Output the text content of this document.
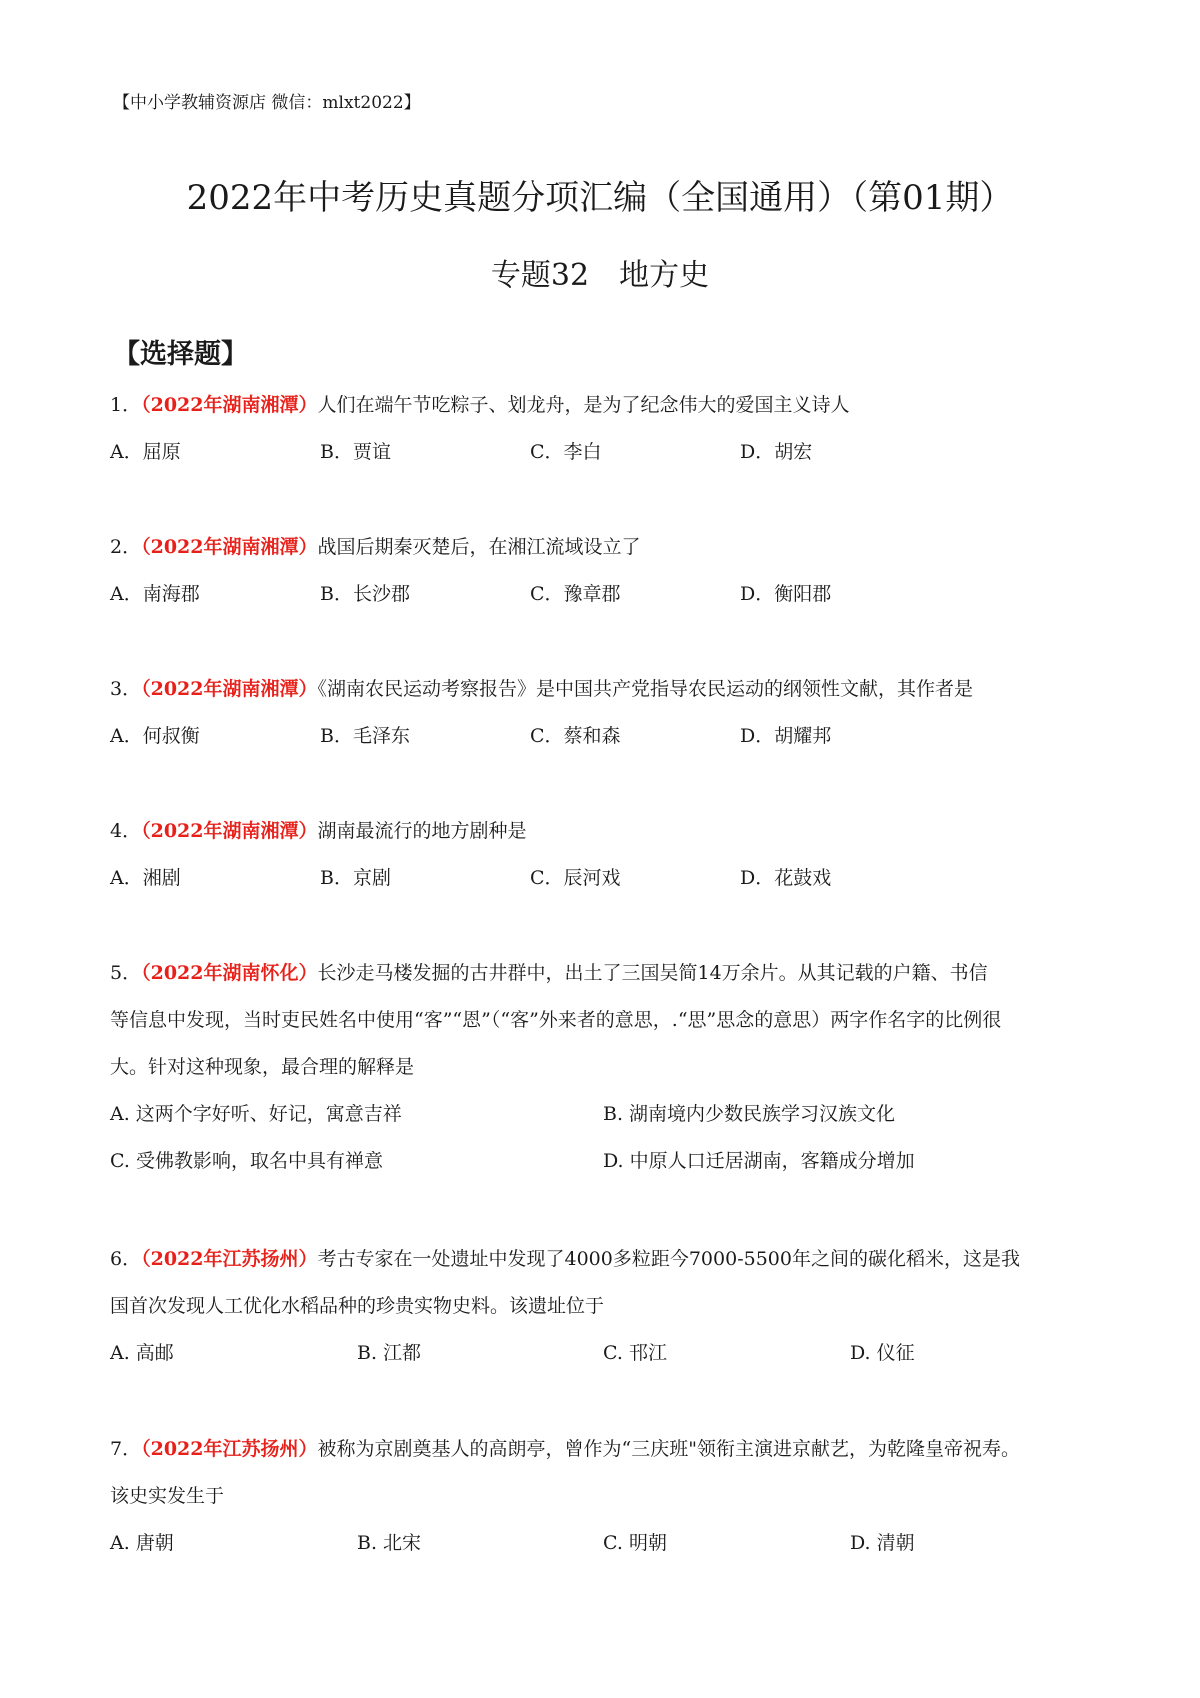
【中小学教辅资源店 微信：mlxt2022】
2022年中考历史真题分项汇编（全国通用）（第01期）
专题32　地方史
【选择题】
1．（2022年湖南湘潭）人们在端午节吃粽子、划龙舟，是为了纪念伟大的爱国主义诗人
A．屈原	B．贾谊	C．李白	D．胡宏
2．（2022年湖南湘潭）战国后期秦灭楚后，在湘江流域设立了
A．南海郡	B．长沙郡	C．豫章郡	D．衡阳郡
3．（2022年湖南湘潭）《湖南农民运动考察报告》是中国共产党指导农民运动的纲领性文献，其作者是
A．何叔衡	B．毛泽东	C．蔡和森	D．胡耀邦
4．（2022年湖南湘潭）湖南最流行的地方剧种是
A．湘剧	B．京剧	C．辰河戏	D．花鼓戏
5．（2022年湖南怀化）长沙走马楼发掘的古井群中，出土了三国吴简14万余片。从其记载的户籍、书信
等信息中发现，当时吏民姓名中使用“客”“恩”（“客”外来者的意思，.“思”思念的意思）两字作名字的比例很
大。针对这种现象，最合理的解释是
A. 这两个字好听、好记，寓意吉祥	B. 湖南境内少数民族学习汉族文化
C. 受佛教影响，取名中具有禅意	D. 中原人口迁居湖南，客籍成分增加
6．（2022年江苏扬州）考古专家在一处遗址中发现了4000多粒距今7000-5500年之间的碳化稻米，这是我
国首次发现人工优化水稻品种的珍贵实物史料。该遗址位于
A. 高邮	B. 江都	C. 邗江	D. 仪征
7．（2022年江苏扬州）被称为京剧奠基人的高朗亭，曾作为“三庆班"领衔主演进京献艺，为乾隆皇帝祝寿。
该史实发生于
A. 唐朝	B. 北宋	C. 明朝	D. 清朝
